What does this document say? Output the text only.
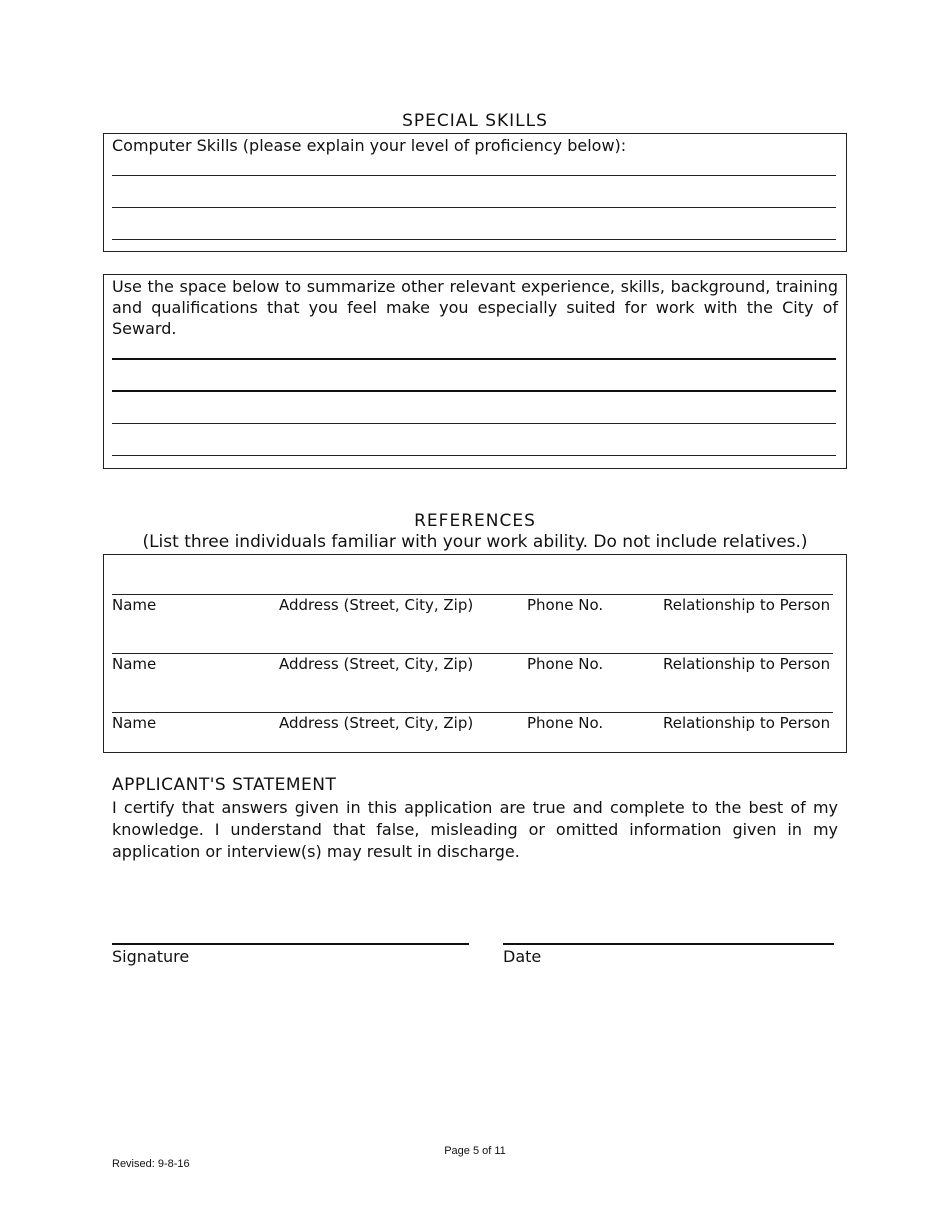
SPECIAL SKILLS
Computer Skills (please explain your level of proficiency below):
Use the space below to summarize other relevant experience, skills, background, training and qualifications that you feel make you especially suited for work with the City of Seward.
REFERENCES
(List three individuals familiar with your work ability. Do not include relatives.)
Name	Address (Street, City, Zip)	Phone No.	Relationship to Person
Name	Address (Street, City, Zip)	Phone No.	Relationship to Person
Name	Address (Street, City, Zip)	Phone No.	Relationship to Person
APPLICANT'S STATEMENT
I certify that answers given in this application are true and complete to the best of my knowledge. I understand that false, misleading or omitted information given in my application or interview(s) may result in discharge.
Signature	Date
Page 5 of 11
Revised: 9-8-16
